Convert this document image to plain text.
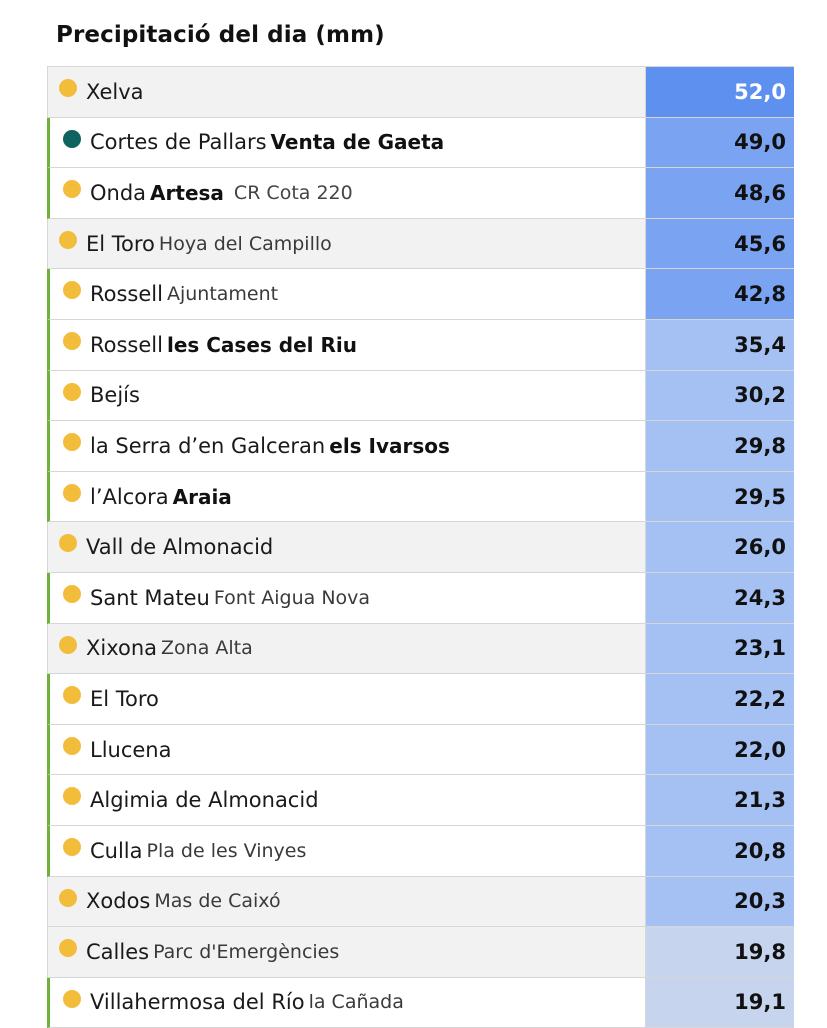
Precipitació del dia (mm)
Xelva	52,0
Cortes de Pallars Venta de Gaeta	49,0
Onda Artesa CR Cota 220	48,6
El Toro Hoya del Campillo	45,6
Rossell Ajuntament	42,8
Rossell les Cases del Riu	35,4
Bejís	30,2
la Serra d’en Galceran els Ivarsos	29,8
l’Alcora Araia	29,5
Vall de Almonacid	26,0
Sant Mateu Font Aigua Nova	24,3
Xixona Zona Alta	23,1
El Toro	22,2
Llucena	22,0
Algimia de Almonacid	21,3
Culla Pla de les Vinyes	20,8
Xodos Mas de Caixó	20,3
Calles Parc d'Emergències	19,8
Villahermosa del Río la Cañada	19,1
